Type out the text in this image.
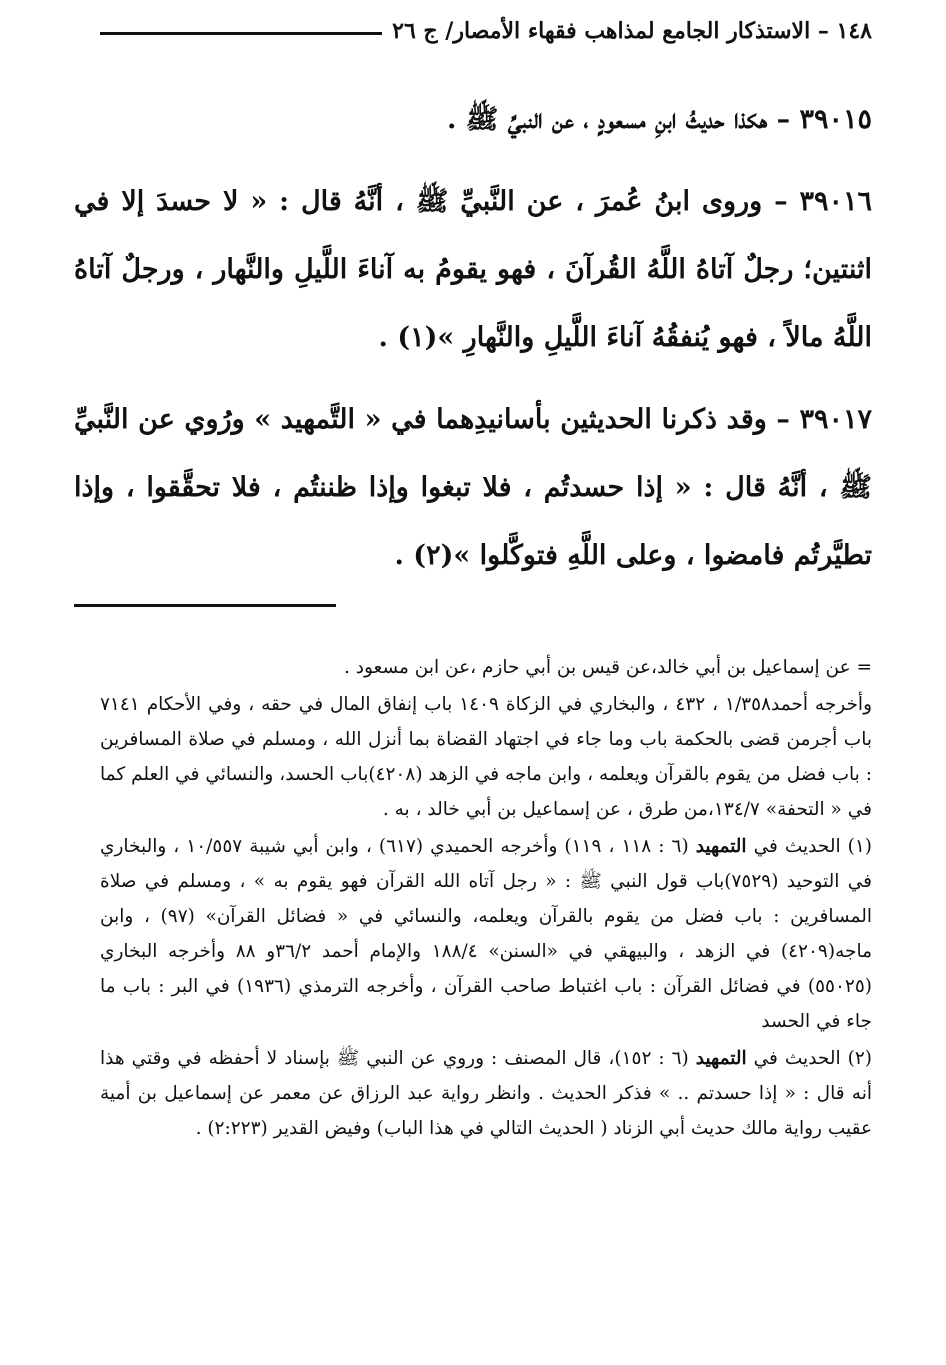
١٤٨ – الاستذكار الجامع لمذاهب فقهاء الأمصار/ ج ٢٦

٣٩٠١٥ – هكذا حديثُ ابنِ مسعودٍ ، عن النبيِّ ﷺ .

٣٩٠١٦ – وروى ابنُ عُمرَ ، عن النَّبيِّ ﷺ ، أنَّهُ قال : « لا حسدَ إلا في اثنتين؛ رجلٌ آتاهُ اللَّهُ القُرآنَ ، فهو يقومُ به آناءَ اللَّيلِ والنَّهار ، ورجلٌ آتاهُ اللَّهُ مالاً ، فهو يُنفقُهُ آناءَ اللَّيلِ والنَّهارِ »(١) .

٣٩٠١٧ – وقد ذكرنا الحديثين بأسانيدِهما في « التَّمهيد » ورُوي عن النَّبيِّ ﷺ ، أنَّهُ قال : « إذا حسدتُم ، فلا تبغوا وإذا ظننتُم ، فلا تحقَّقوا ، وإذا تطيَّرتُم فامضوا ، وعلى اللَّهِ فتوكَّلوا »(٢) .

= عن إسماعيل بن أبي خالد،عن قيس بن أبي حازم ،عن ابن مسعود .

وأخرجه أحمد١/٣٥٨ ، ٤٣٢ ، والبخاري في الزكاة ١٤٠٩ باب إنفاق المال في حقه ، وفي الأحكام ٧١٤١ باب أجرمن قضى بالحكمة باب وما جاء في اجتهاد القضاة بما أنزل الله ، ومسلم في صلاة المسافرين : باب فضل من يقوم بالقرآن ويعلمه ، وابن ماجه في الزهد (٤٢٠٨)باب الحسد، والنسائي في العلم كما في « التحفة» ١٣٤/٧،من طرق ، عن إسماعيل بن أبي خالد ، به .

(١) الحديث في التمهيد (٦ : ١١٨ ، ١١٩) وأخرجه الحميدي (٦١٧) ، وابن أبي شيبة ١٠/٥٥٧ ، والبخاري في التوحيد (٧٥٢٩)باب قول النبي ﷺ : « رجل آتاه الله القرآن فهو يقوم به » ، ومسلم في صلاة المسافرين : باب فضل من يقوم بالقرآن ويعلمه، والنسائي في « فضائل القرآن» (٩٧) ، وابن ماجه(٤٢٠٩) في الزهد ، والبيهقي في «السنن» ١٨٨/٤ والإمام أحمد ٣٦/٢و ٨٨ وأخرجه البخاري (٥٥٠٢٥) في فضائل القرآن : باب اغتباط صاحب القرآن ، وأخرجه الترمذي (١٩٣٦) في البر : باب ما جاء في الحسد

(٢) الحديث في التمهيد (٦ : ١٥٢)، قال المصنف : وروي عن النبي ﷺ بإسناد لا أحفظه في وقتي هذا أنه قال : « إذا حسدتم .. » فذكر الحديث . وانظر رواية عبد الرزاق عن معمر عن إسماعيل بن أمية عقيب رواية مالك حديث أبي الزناد ( الحديث التالي في هذا الباب) وفيض القدير (٢:٢٢٣) .
